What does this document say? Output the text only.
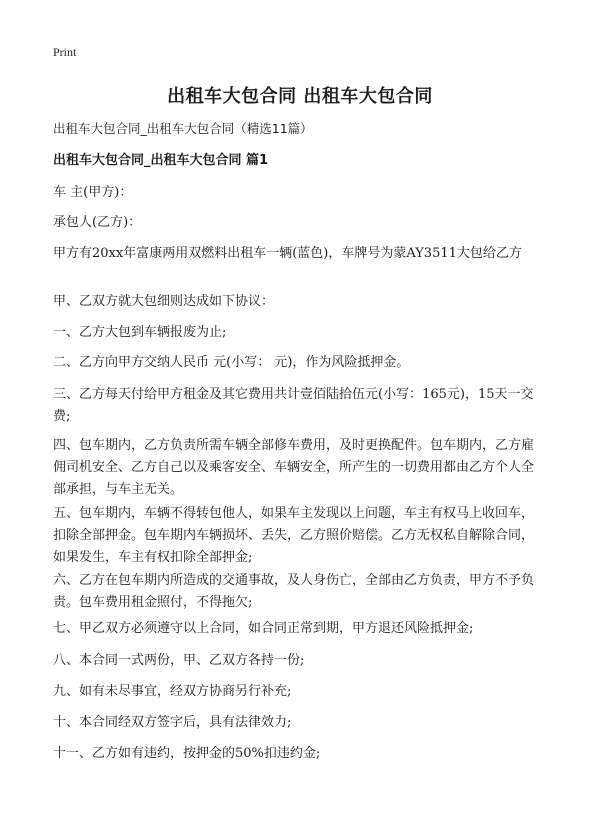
Print
出租车大包合同 出租车大包合同

出租车大包合同_出租车大包合同（精选11篇）

出租车大包合同_出租车大包合同 篇1

车 主(甲方)：

承包人(乙方)：

甲方有20xx年富康两用双燃料出租车一辆(蓝色)，车牌号为蒙AY3511大包给乙方

甲、乙双方就大包细则达成如下协议：

一、乙方大包到车辆报废为止;

二、乙方向甲方交纳人民币 元(小写： 元)，作为风险抵押金。

三、乙方每天付给甲方租金及其它费用共计壹佰陆拾伍元(小写：165元)，15天一交费;

四、包车期内，乙方负责所需车辆全部修车费用，及时更换配件。包车期内，乙方雇佣司机安全、乙方自己以及乘客安全、车辆安全，所产生的一切费用都由乙方个人全部承担，与车主无关。

五、包车期内，车辆不得转包他人，如果车主发现以上问题，车主有权马上收回车，扣除全部押金。包车期内车辆损坏、丢失，乙方照价赔偿。乙方无权私自解除合同，如果发生，车主有权扣除全部押金;

六、乙方在包车期内所造成的交通事故，及人身伤亡，全部由乙方负责，甲方不予负责。包车费用租金照付，不得拖欠;

七、甲乙双方必须遵守以上合同，如合同正常到期，甲方退还风险抵押金;

八、本合同一式两份，甲、乙双方各持一份;

九、如有未尽事宜，经双方协商另行补充;

十、本合同经双方签字后，具有法律效力;

十一、乙方如有违约，按押金的50%扣违约金;
